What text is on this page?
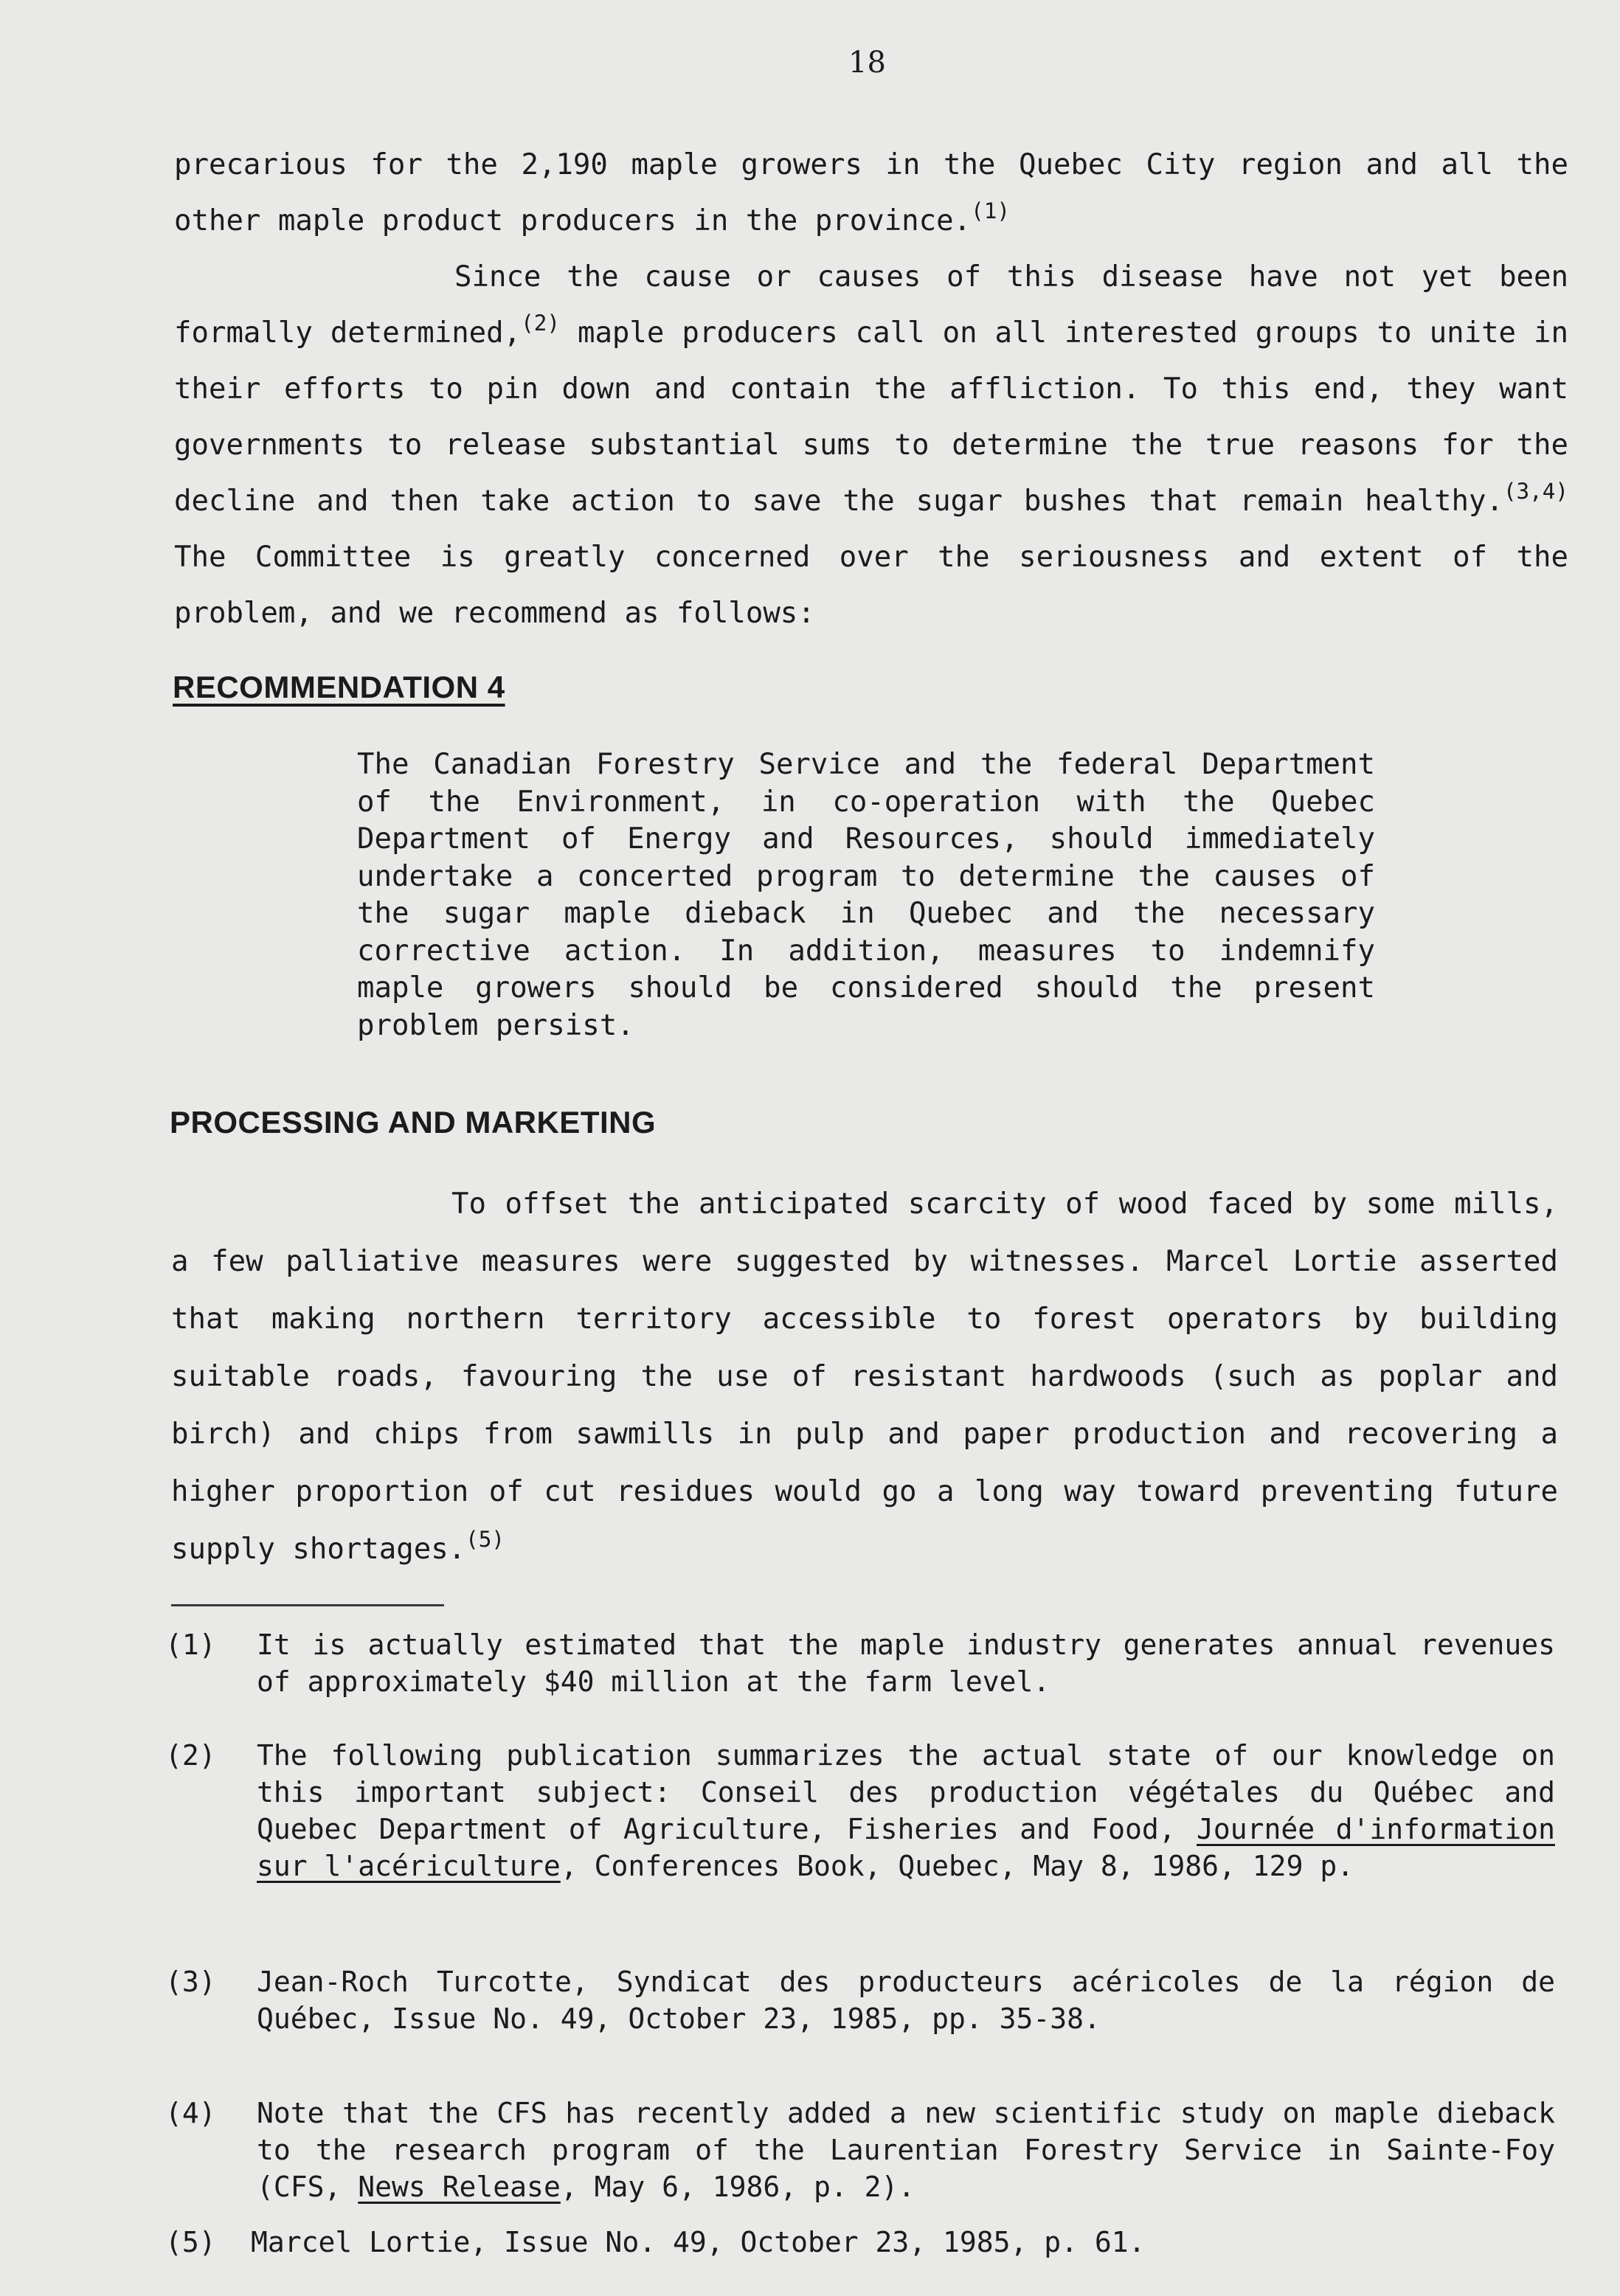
18

precarious for the 2,190 maple growers in the Quebec City region and all the other maple product producers in the province.$^{(1)}$

Since the cause or causes of this disease have not yet been formally determined,$^{(2)}$ maple producers call on all interested groups to unite in their efforts to pin down and contain the affliction. To this end, they want governments to release substantial sums to determine the true reasons for the decline and then take action to save the sugar bushes that remain healthy.$^{(3,4)}$ The Committee is greatly concerned over the seriousness and extent of the problem, and we recommend as follows:

RECOMMENDATION 4

The Canadian Forestry Service and the federal Department of the Environment, in co-operation with the Quebec Department of Energy and Resources, should immediately undertake a concerted program to determine the causes of the sugar maple dieback in Quebec and the necessary corrective action. In addition, measures to indemnify maple growers should be considered should the present problem persist.

PROCESSING AND MARKETING

To offset the anticipated scarcity of wood faced by some mills, a few palliative measures were suggested by witnesses. Marcel Lortie asserted that making northern territory accessible to forest operators by building suitable roads, favouring the use of resistant hardwoods (such as poplar and birch) and chips from sawmills in pulp and paper production and recovering a higher proportion of cut residues would go a long way toward preventing future supply shortages.$^{(5)}$

(1) It is actually estimated that the maple industry generates annual revenues of approximately $40 million at the farm level.

(2) The following publication summarizes the actual state of our knowledge on this important subject: Conseil des production végétales du Québec and Quebec Department of Agriculture, Fisheries and Food, Journée d'information sur l'acériculture, Conferences Book, Quebec, May 8, 1986, 129 p.

(3) Jean-Roch Turcotte, Syndicat des producteurs acéricoles de la région de Québec, Issue No. 49, October 23, 1985, pp. 35-38.

(4) Note that the CFS has recently added a new scientific study on maple dieback to the research program of the Laurentian Forestry Service in Sainte-Foy (CFS, News Release, May 6, 1986, p. 2).

(5) Marcel Lortie, Issue No. 49, October 23, 1985, p. 61.
